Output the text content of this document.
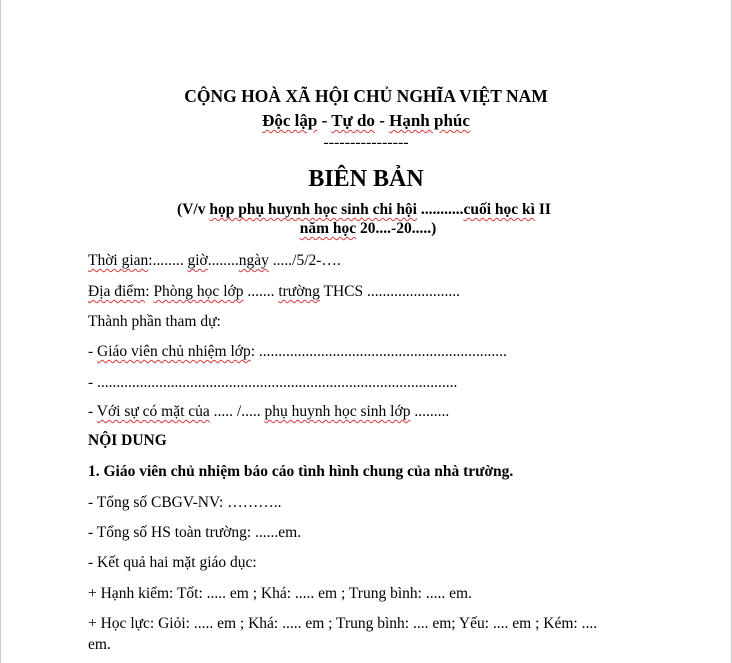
CỘNG HOÀ XÃ HỘI CHỦ NGHĨA VIỆT NAM
Độc lập - Tự do - Hạnh phúc
----------------
BIÊN BẢN
(V/v họp phụ huynh học sinh chi hội ...........cuối học kì II
năm học 20....-20.....)
Thời gian:........ giờ........ngày ...../5/2-….
Địa điểm: Phòng học lớp ....... trường THCS ........................
Thành phần tham dự:
- Giáo viên chủ nhiệm lớp: ................................................................
- .............................................................................................
- Với sự có mặt của ..... /..... phụ huynh học sinh lớp .........
NỘI DUNG
1. Giáo viên chủ nhiệm báo cáo tình hình chung của nhà trường.
- Tổng số CBGV-NV: ………..
- Tổng số HS toàn trường: ......em.
- Kết quả hai mặt giáo dục:
+ Hạnh kiểm: Tốt: ..... em ; Khá: ..... em ; Trung bình: ..... em.
+ Học lực: Giỏi: ..... em ; Khá: ..... em ; Trung bình: .... em; Yếu: .... em ; Kém: ....
em.
